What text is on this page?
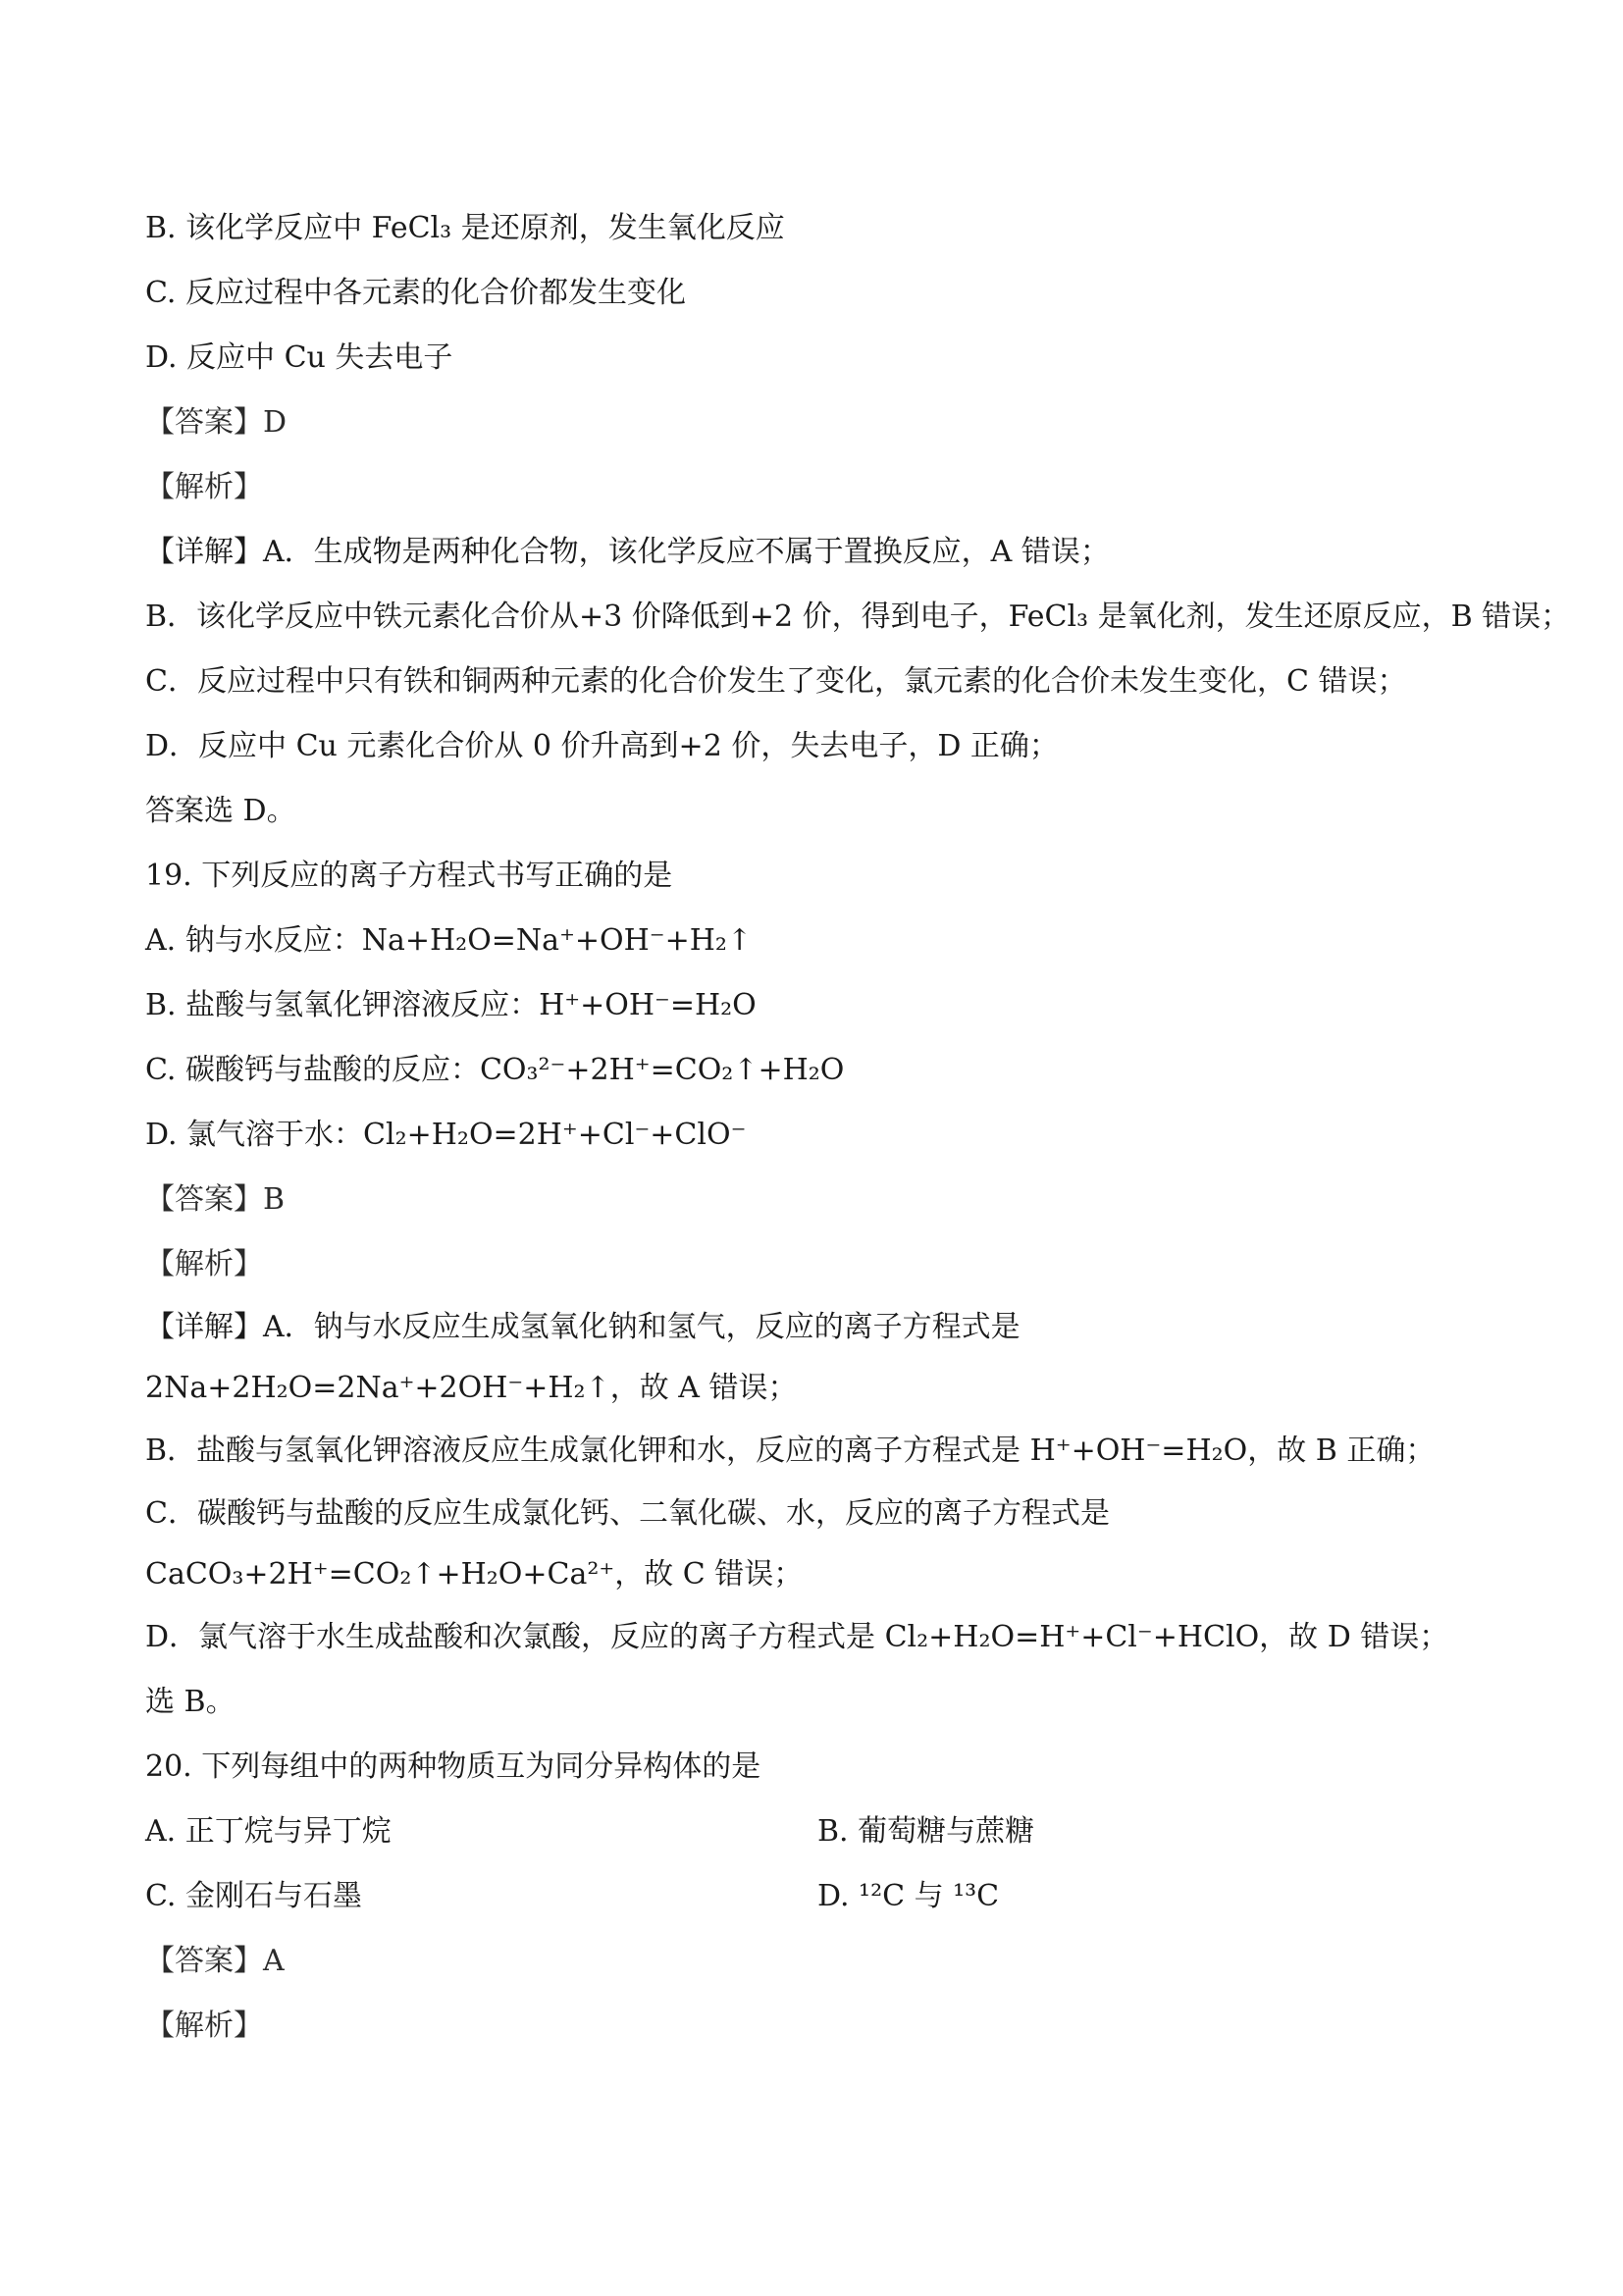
B. 该化学反应中 FeCl₃ 是还原剂，发生氧化反应
C. 反应过程中各元素的化合价都发生变化
D. 反应中 Cu 失去电子
【答案】D
【解析】
【详解】A．生成物是两种化合物，该化学反应不属于置换反应，A 错误；
B．该化学反应中铁元素化合价从+3 价降低到+2 价，得到电子，FeCl₃ 是氧化剂，发生还原反应，B 错误；
C．反应过程中只有铁和铜两种元素的化合价发生了变化，氯元素的化合价未发生变化，C 错误；
D．反应中 Cu 元素化合价从 0 价升高到+2 价，失去电子，D 正确；
答案选 D。
19. 下列反应的离子方程式书写正确的是
A. 钠与水反应：Na+H₂O=Na⁺+OH⁻+H₂↑
B. 盐酸与氢氧化钾溶液反应：H⁺+OH⁻=H₂O
C. 碳酸钙与盐酸的反应：CO₃²⁻+2H⁺=CO₂↑+H₂O
D. 氯气溶于水：Cl₂+H₂O=2H⁺+Cl⁻+ClO⁻
【答案】B
【解析】
【详解】A．钠与水反应生成氢氧化钠和氢气，反应的离子方程式是 2Na+2H₂O=2Na⁺+2OH⁻+H₂↑，故 A 错误；
B．盐酸与氢氧化钾溶液反应生成氯化钾和水，反应的离子方程式是 H⁺+OH⁻=H₂O，故 B 正确；
C．碳酸钙与盐酸的反应生成氯化钙、二氧化碳、水，反应的离子方程式是 CaCO₃+2H⁺=CO₂↑+H₂O+Ca²⁺，故 C 错误；
D．氯气溶于水生成盐酸和次氯酸，反应的离子方程式是 Cl₂+H₂O=H⁺+Cl⁻+HClO，故 D 错误；
选 B。
20. 下列每组中的两种物质互为同分异构体的是
A. 正丁烷与异丁烷	B. 葡萄糖与蔗糖
C. 金刚石与石墨	D. ¹²C 与 ¹³C
【答案】A
【解析】
